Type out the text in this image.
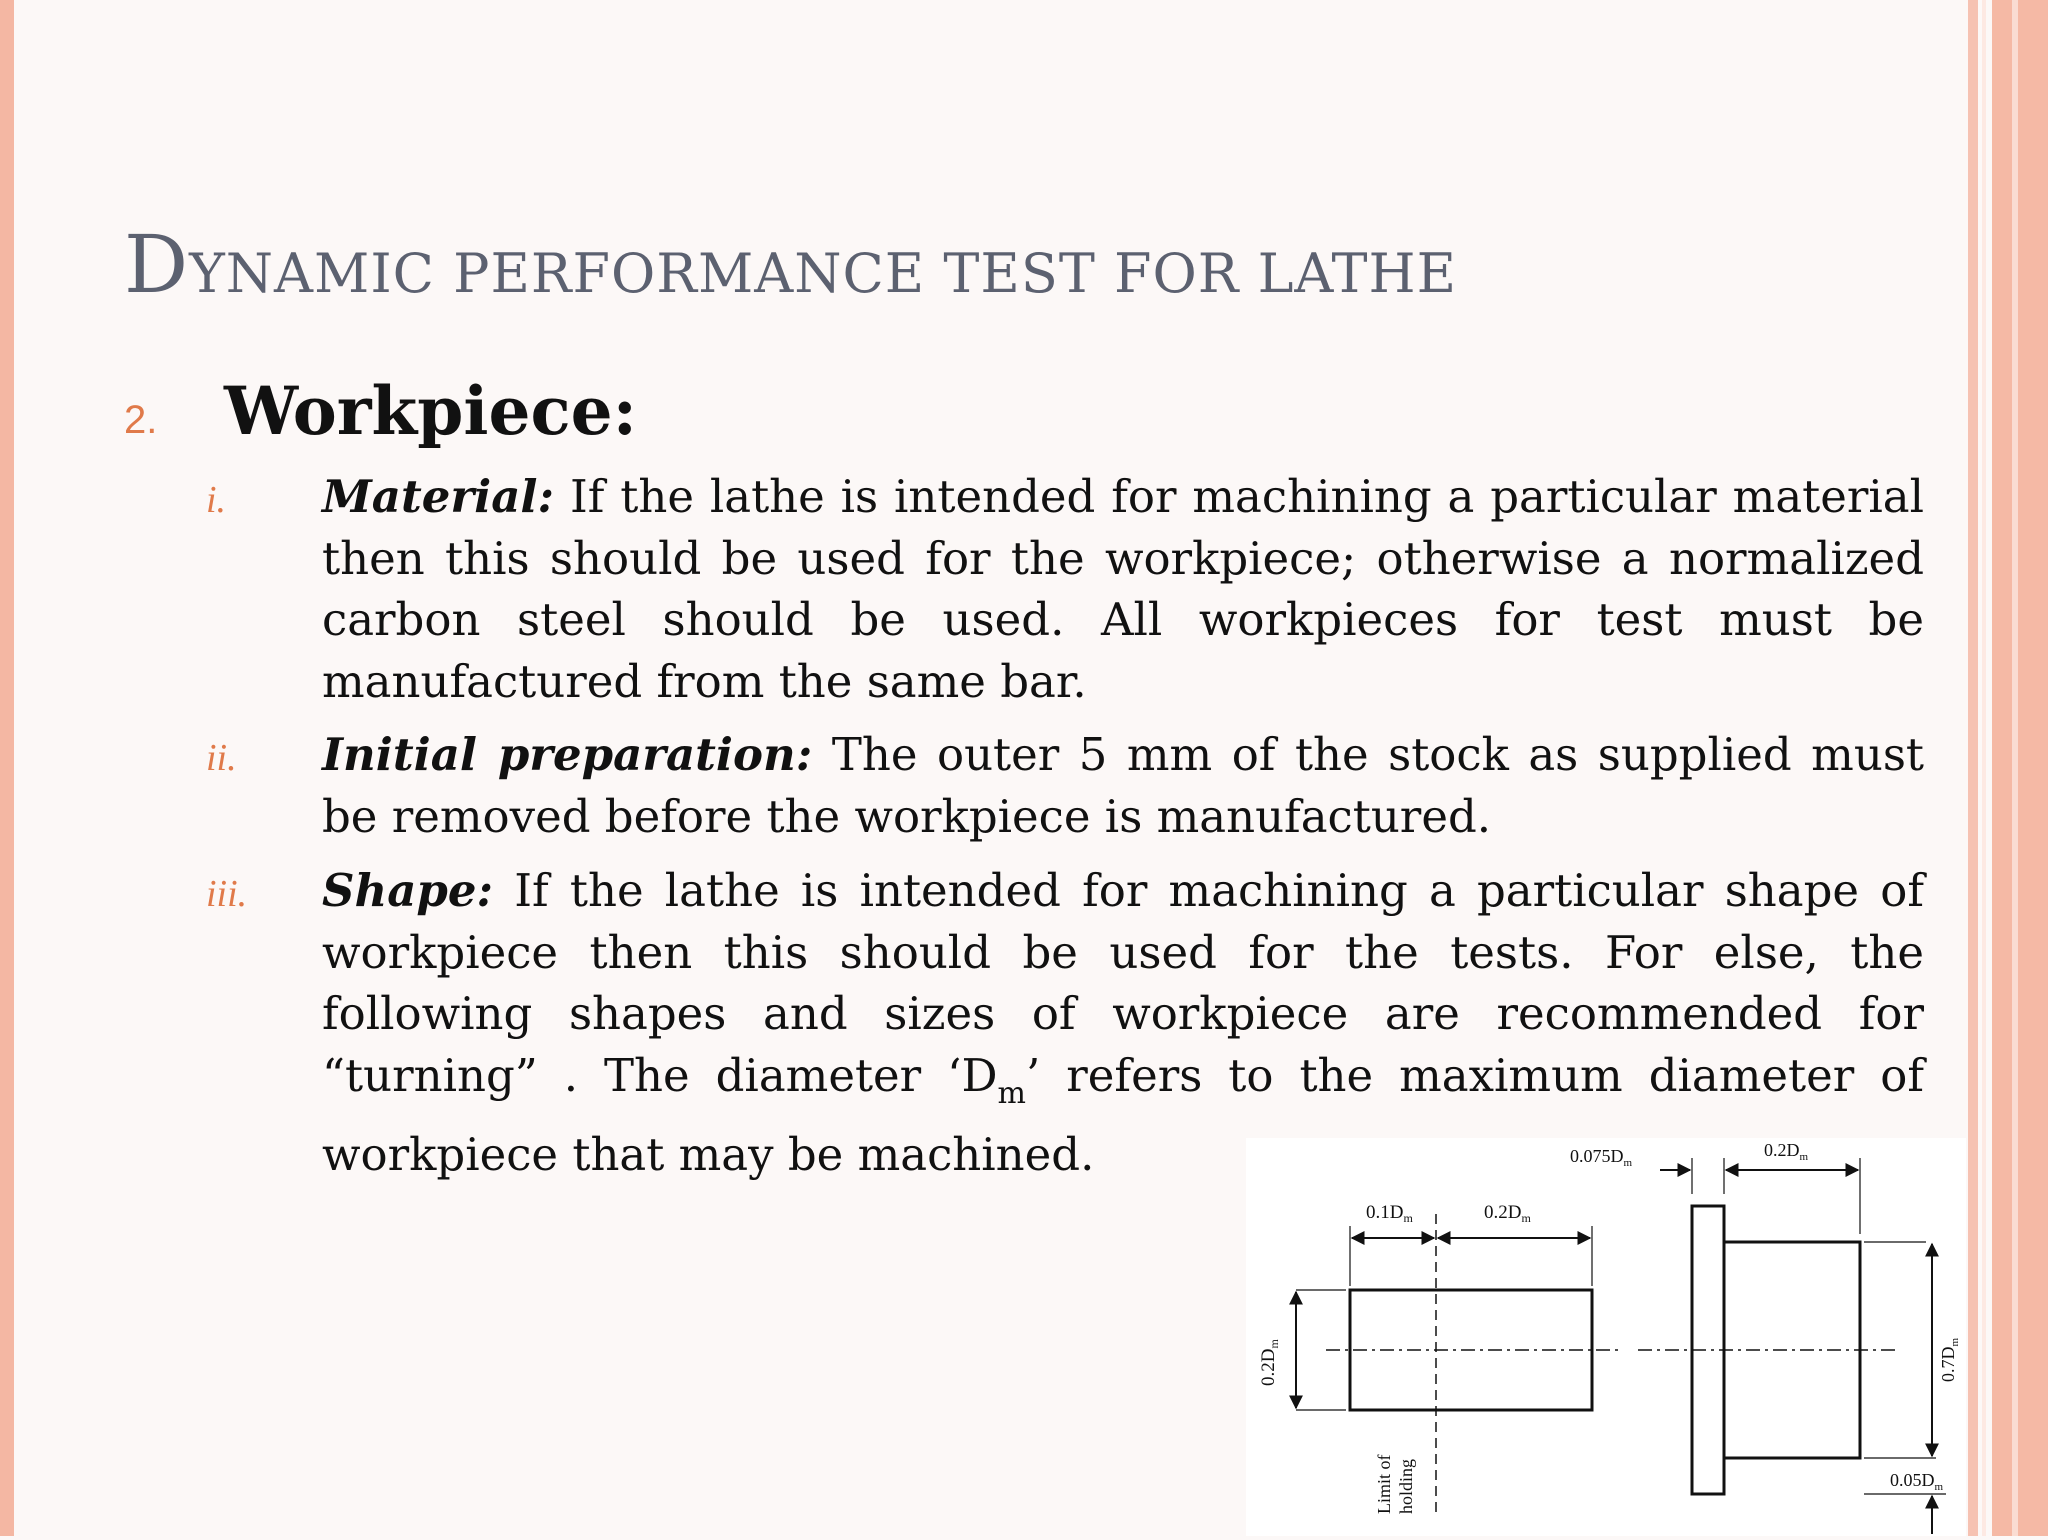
DYNAMIC PERFORMANCE TEST FOR LATHE
2. Workpiece:
i. Material: If the lathe is intended for machining a particular material then this should be used for the workpiece; otherwise a normalized carbon steel should be used. All workpieces for test must be manufactured from the same bar.
ii. Initial preparation: The outer 5 mm of the stock as supplied must be removed before the workpiece is manufactured.
iii. Shape: If the lathe is intended for machining a particular shape of workpiece then this should be used for the tests. For else, the following shapes and sizes of workpiece are recommended for “turning” . The diameter ‘$D_m$’ refers to the maximum diameter of workpiece that may be machined.
$0.1D_m$	$0.2D_m$
$0.2D_m$
Limit of holding
$0.075D_m$
$0.2D_m$
$0.7D_m$
$0.05D_m$
